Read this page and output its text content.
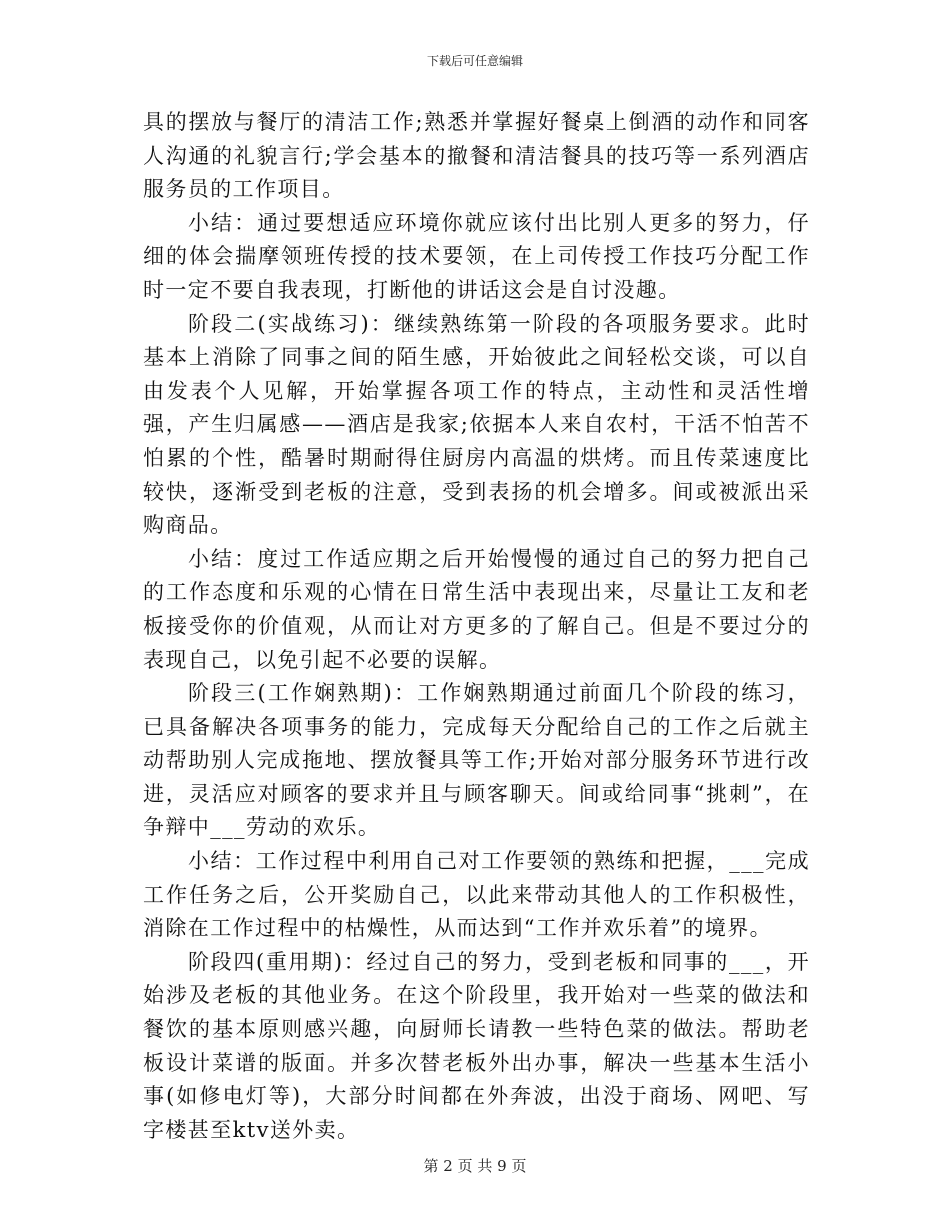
下载后可任意编辑

具的摆放与餐厅的清洁工作;熟悉并掌握好餐桌上倒酒的动作和同客人沟通的礼貌言行;学会基本的撤餐和清洁餐具的技巧等一系列酒店服务员的工作项目。

小结：通过要想适应环境你就应该付出比别人更多的努力，仔细的体会揣摩领班传授的技术要领，在上司传授工作技巧分配工作时一定不要自我表现，打断他的讲话这会是自讨没趣。

阶段二(实战练习)：继续熟练第一阶段的各项服务要求。此时基本上消除了同事之间的陌生感，开始彼此之间轻松交谈，可以自由发表个人见解，开始掌握各项工作的特点，主动性和灵活性增强，产生归属感——酒店是我家;依据本人来自农村，干活不怕苦不怕累的个性，酷暑时期耐得住厨房内高温的烘烤。而且传菜速度比较快，逐渐受到老板的注意，受到表扬的机会增多。间或被派出采购商品。

小结：度过工作适应期之后开始慢慢的通过自己的努力把自己的工作态度和乐观的心情在日常生活中表现出来，尽量让工友和老板接受你的价值观，从而让对方更多的了解自己。但是不要过分的表现自己，以免引起不必要的误解。

阶段三(工作娴熟期)：工作娴熟期通过前面几个阶段的练习，已具备解决各项事务的能力，完成每天分配给自己的工作之后就主动帮助别人完成拖地、摆放餐具等工作;开始对部分服务环节进行改进，灵活应对顾客的要求并且与顾客聊天。间或给同事“挑刺”，在争辩中___劳动的欢乐。

小结：工作过程中利用自己对工作要领的熟练和把握，___完成工作任务之后，公开奖励自己，以此来带动其他人的工作积极性，消除在工作过程中的枯燥性，从而达到“工作并欢乐着”的境界。

阶段四(重用期)：经过自己的努力，受到老板和同事的___，开始涉及老板的其他业务。在这个阶段里，我开始对一些菜的做法和餐饮的基本原则感兴趣，向厨师长请教一些特色菜的做法。帮助老板设计菜谱的版面。并多次替老板外出办事，解决一些基本生活小事(如修电灯等)，大部分时间都在外奔波，出没于商场、网吧、写字楼甚至ktv送外卖。

第 2 页 共 9 页
